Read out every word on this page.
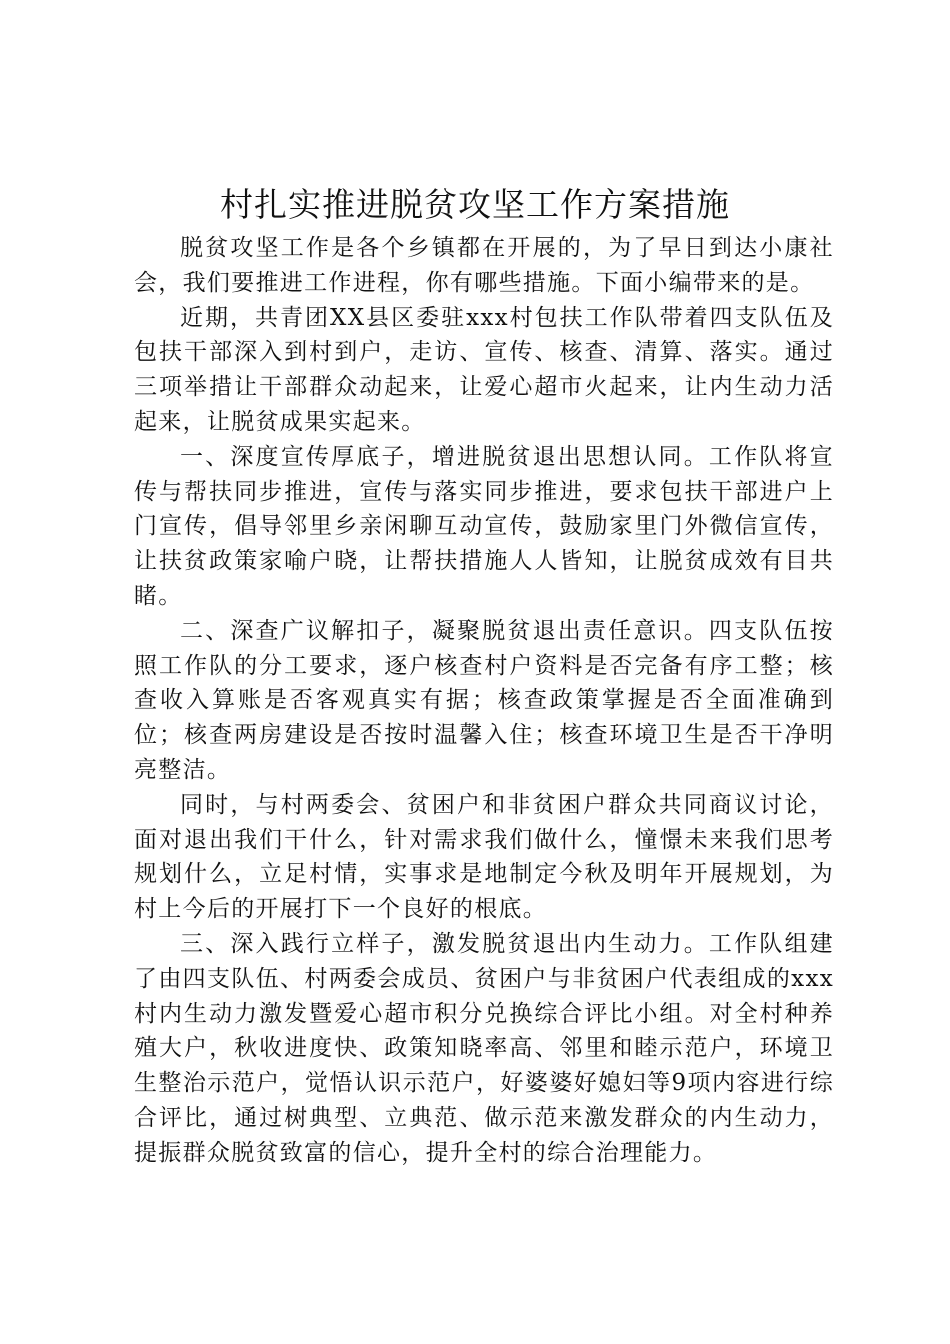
村扎实推进脱贫攻坚工作方案措施

脱贫攻坚工作是各个乡镇都在开展的，为了早日到达小康社会，我们要推进工作进程，你有哪些措施。下面小编带来的是。

近期，共青团XX县区委驻xxx村包扶工作队带着四支队伍及包扶干部深入到村到户，走访、宣传、核查、清算、落实。通过三项举措让干部群众动起来，让爱心超市火起来，让内生动力活起来，让脱贫成果实起来。

一、深度宣传厚底子，增进脱贫退出思想认同。工作队将宣传与帮扶同步推进，宣传与落实同步推进，要求包扶干部进户上门宣传，倡导邻里乡亲闲聊互动宣传，鼓励家里门外微信宣传，让扶贫政策家喻户晓，让帮扶措施人人皆知，让脱贫成效有目共睹。

二、深查广议解扣子，凝聚脱贫退出责任意识。四支队伍按照工作队的分工要求，逐户核查村户资料是否完备有序工整；核查收入算账是否客观真实有据；核查政策掌握是否全面准确到位；核查两房建设是否按时温馨入住；核查环境卫生是否干净明亮整洁。

同时，与村两委会、贫困户和非贫困户群众共同商议讨论，面对退出我们干什么，针对需求我们做什么，憧憬未来我们思考规划什么，立足村情，实事求是地制定今秋及明年开展规划，为村上今后的开展打下一个良好的根底。

三、深入践行立样子，激发脱贫退出内生动力。工作队组建了由四支队伍、村两委会成员、贫困户与非贫困户代表组成的xxx村内生动力激发暨爱心超市积分兑换综合评比小组。对全村种养殖大户，秋收进度快、政策知晓率高、邻里和睦示范户，环境卫生整治示范户，觉悟认识示范户，好婆婆好媳妇等9项内容进行综合评比，通过树典型、立典范、做示范来激发群众的内生动力，提振群众脱贫致富的信心，提升全村的综合治理能力。
